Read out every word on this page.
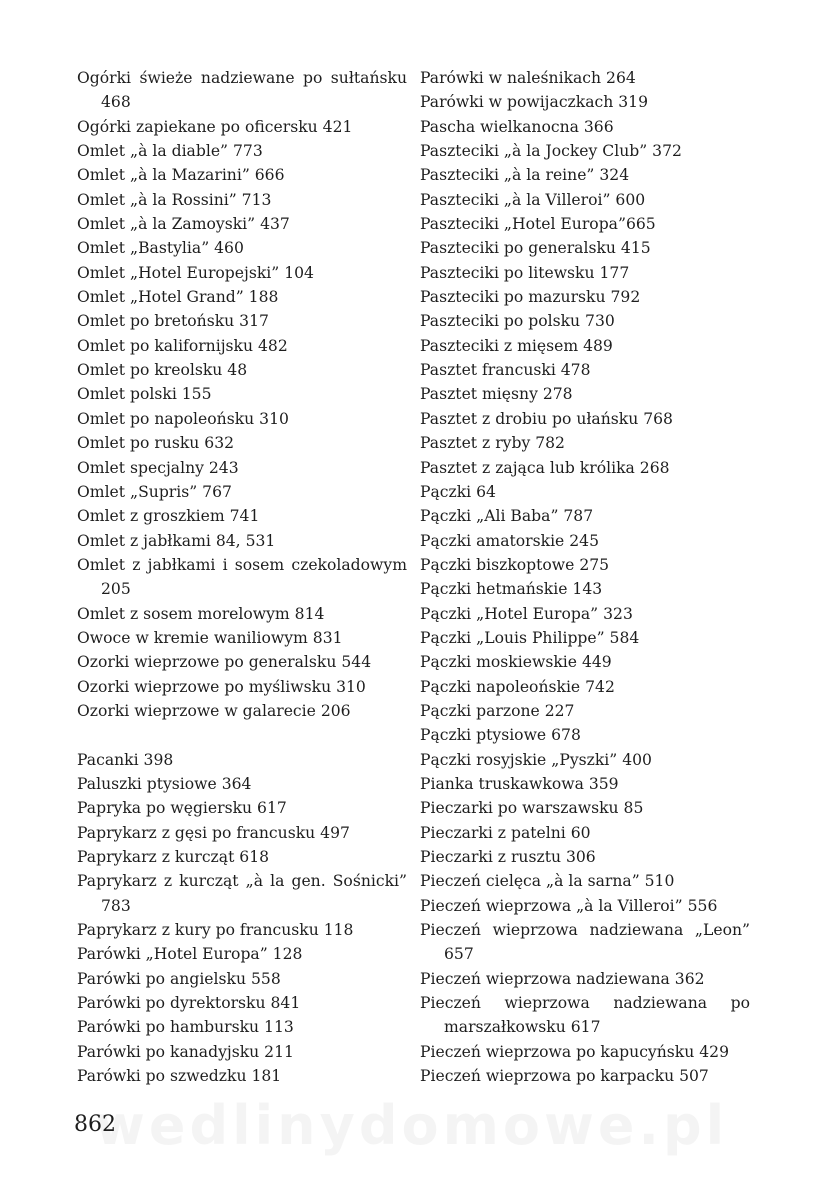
Ogórki świeże nadziewane po sułtańsku 468
Ogórki zapiekane po oficersku 421
Omlet „à la diable” 773
Omlet „à la Mazarini” 666
Omlet „à la Rossini” 713
Omlet „à la Zamoyski” 437
Omlet „Bastylia” 460
Omlet „Hotel Europejski” 104
Omlet „Hotel Grand” 188
Omlet po bretońsku 317
Omlet po kalifornijsku 482
Omlet po kreolsku 48
Omlet polski 155
Omlet po napoleońsku 310
Omlet po rusku 632
Omlet specjalny 243
Omlet „Supris” 767
Omlet z groszkiem 741
Omlet z jabłkami 84, 531
Omlet z jabłkami i sosem czekoladowym 205
Omlet z sosem morelowym 814
Owoce w kremie waniliowym 831
Ozorki wieprzowe po generalsku 544
Ozorki wieprzowe po myśliwsku 310
Ozorki wieprzowe w galarecie 206
Pacanki 398
Paluszki ptysiowe 364
Papryka po węgiersku 617
Paprykarz z gęsi po francusku 497
Paprykarz z kurcząt 618
Paprykarz z kurcząt „à la gen. Sośnicki” 783
Paprykarz z kury po francusku 118
Parówki „Hotel Europa” 128
Parówki po angielsku 558
Parówki po dyrektorsku 841
Parówki po hambursku 113
Parówki po kanadyjsku 211
Parówki po szwedzku 181
Parówki w naleśnikach 264
Parówki w powijaczkach 319
Pascha wielkanocna 366
Paszteciki „à la Jockey Club” 372
Paszteciki „à la reine” 324
Paszteciki „à la Villeroi” 600
Paszteciki „Hotel Europa”665
Paszteciki po generalsku 415
Paszteciki po litewsku 177
Paszteciki po mazursku 792
Paszteciki po polsku 730
Paszteciki z mięsem 489
Pasztet francuski 478
Pasztet mięsny 278
Pasztet z drobiu po ułańsku 768
Pasztet z ryby 782
Pasztet z zająca lub królika 268
Pączki 64
Pączki „Ali Baba” 787
Pączki amatorskie 245
Pączki biszkoptowe 275
Pączki hetmańskie 143
Pączki „Hotel Europa” 323
Pączki „Louis Philippe” 584
Pączki moskiewskie 449
Pączki napoleońskie 742
Pączki parzone 227
Pączki ptysiowe 678
Pączki rosyjskie „Pyszki” 400
Pianka truskawkowa 359
Pieczarki po warszawsku 85
Pieczarki z patelni 60
Pieczarki z rusztu 306
Pieczeń cielęca „à la sarna” 510
Pieczeń wieprzowa „à la Villeroi” 556
Pieczeń wieprzowa nadziewana „Leon” 657
Pieczeń wieprzowa nadziewana 362
Pieczeń wieprzowa nadziewana po marszałkowsku 617
Pieczeń wieprzowa po kapucyńsku 429
Pieczeń wieprzowa po karpacku 507
862
